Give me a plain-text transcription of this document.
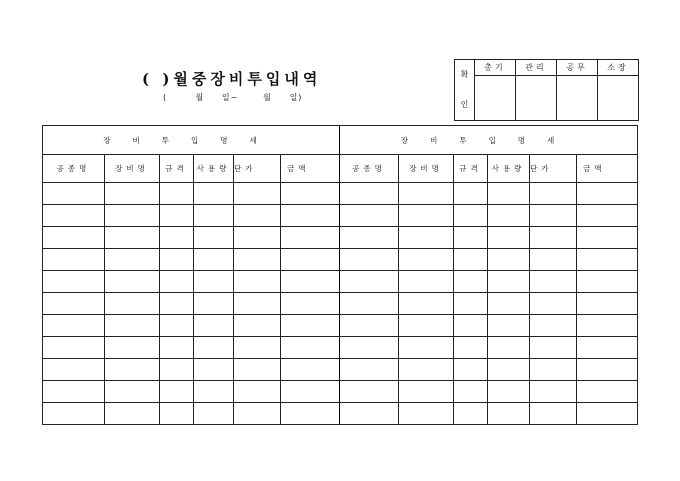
( )월중장비투입내역
(        월     일~       월     일)
확
인	총기	관리	공무	소장

장비투입명세						장비투입명세					
공종명	장비명	규격	사용량	단가	금액	공종명	장비명	규격	사용량	단가	금액
